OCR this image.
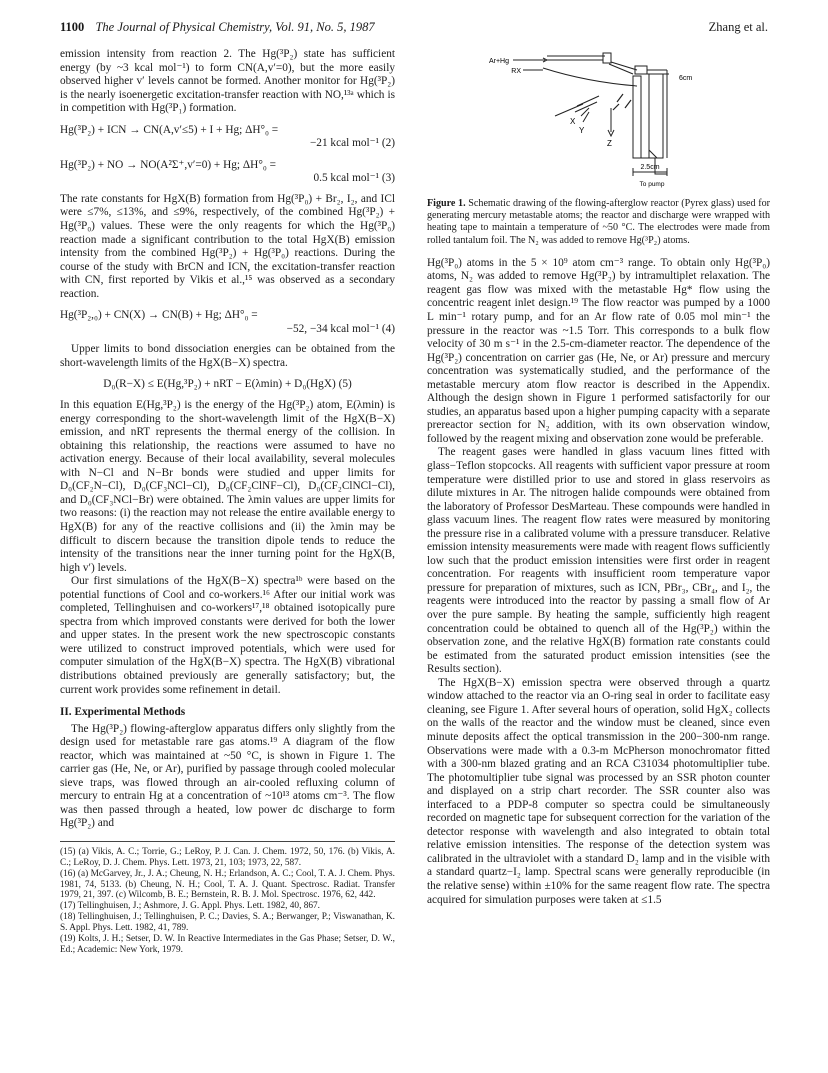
1100 The Journal of Physical Chemistry, Vol. 91, No. 5, 1987	Zhang et al.

emission intensity from reaction 2. The Hg(³P₂) state has sufficient energy (by ~3 kcal mol⁻¹) to form CN(A,v′=0), but the more easily observed higher v′ levels cannot be formed. Another monitor for Hg(³P₂) is the nearly isoenergetic excitation-transfer reaction with NO,¹³ᵃ which is in competition with Hg(³P₁) formation.

Hg(³P₂) + ICN → CN(A,v′≤5) + I + Hg; ΔH°₀ =
−21 kcal mol⁻¹ (2)
Hg(³P₂) + NO → NO(A²Σ⁺,v′=0) + Hg; ΔH°₀ =
0.5 kcal mol⁻¹ (3)

The rate constants for HgX(B) formation from Hg(³P₀) + Br₂, I₂, and ICl were ≤7%, ≤13%, and ≤9%, respectively, of the combined Hg(³P₂) + Hg(³P₀) values. These were the only reagents for which the Hg(³P₀) reaction made a significant contribution to the total HgX(B) emission intensity from the combined Hg(³P₂) + Hg(³P₀) reactions. During the course of the study with BrCN and ICN, the excitation-transfer reaction with CN, first reported by Vikis et al.,¹⁵ was observed as a secondary reaction.

Hg(³P₂,₀) + CN(X) → CN(B) + Hg; ΔH°₀ =
−52, −34 kcal mol⁻¹ (4)

Upper limits to bond dissociation energies can be obtained from the short-wavelength limits of the HgX(B−X) spectra.

D₀(R−X) ≤ E(Hg,³P₂) + nRT − E(λmin) + D₀(HgX) (5)

In this equation E(Hg,³P₂) is the energy of the Hg(³P₂) atom, E(λmin) is energy corresponding to the short-wavelength limit of the HgX(B−X) emission, and nRT represents the thermal energy of the collision. In obtaining this relationship, the reactions were assumed to have no activation energy. Because of their local availability, several molecules with N−Cl and N−Br bonds were studied and upper limits for D₀(CF₂N−Cl), D₀(CF₃NCl−Cl), D₀(CF₂ClNF−Cl), D₀(CF₂ClNCl−Cl), and D₀(CF₃NCl−Br) were obtained. The λmin values are upper limits for two reasons: (i) the reaction may not release the entire available energy to HgX(B) for any of the reactive collisions and (ii) the λmin may be difficult to discern because the transition dipole tends to reduce the intensity of the transitions near the inner turning point for the HgX(B, high v′) levels.

Our first simulations of the HgX(B−X) spectra¹ᵇ were based on the potential functions of Cool and co-workers.¹⁶ After our initial work was completed, Tellinghuisen and co-workers¹⁷,¹⁸ obtained isotopically pure spectra from which improved constants were derived for both the lower and upper states. In the present work the new spectroscopic constants were utilized to construct improved potentials, which were used for computer simulation of the HgX(B−X) spectra. The HgX(B) vibrational distributions obtained previously are generally satisfactory; but, the current work provides some refinement in detail.

II. Experimental Methods

The Hg(³P₂) flowing-afterglow apparatus differs only slightly from the design used for metastable rare gas atoms.¹⁹ A diagram of the flow reactor, which was maintained at ~50 °C, is shown in Figure 1. The carrier gas (He, Ne, or Ar), purified by passage through cooled molecular sieve traps, was flowed through an air-cooled refluxing column of mercury to entrain Hg at a concentration of ~10¹³ atoms cm⁻³. The flow was then passed through a heated, low power dc discharge to form Hg(³P₂) and

(15) (a) Vikis, A. C.; Torrie, G.; LeRoy, P. J. Can. J. Chem. 1972, 50, 176. (b) Vikis, A. C.; LeRoy, D. J. Chem. Phys. Lett. 1973, 21, 103; 1973, 22, 587.

(16) (a) McGarvey, Jr., J. A.; Cheung, N. H.; Erlandson, A. C.; Cool, T. A. J. Chem. Phys. 1981, 74, 5133. (b) Cheung, N. H.; Cool, T. A. J. Quant. Spectrosc. Radiat. Transfer 1979, 21, 397. (c) Wilcomb, B. E.; Bernstein, R. B. J. Mol. Spectrosc. 1976, 62, 442.

(17) Tellinghuisen, J.; Ashmore, J. G. Appl. Phys. Lett. 1982, 40, 867.

(18) Tellinghuisen, J.; Tellinghuisen, P. C.; Davies, S. A.; Berwanger, P.; Viswanathan, K. S. Appl. Phys. Lett. 1982, 41, 789.

(19) Kolts, J. H.; Setser, D. W. In Reactive Intermediates in the Gas Phase; Setser, D. W., Ed.; Academic: New York, 1979.

Ar+Hg
RX
6cm
X
Y
Z
2.5cm
To pump
Figure 1. Schematic drawing of the flowing-afterglow reactor (Pyrex glass) used for generating mercury metastable atoms; the reactor and discharge were wrapped with heating tape to maintain a temperature of ~50 °C. The electrodes were made from rolled tantalum foil. The N₂ was added to remove Hg(³P₂) atoms.

Hg(³P₀) atoms in the 5 × 10⁹ atom cm⁻³ range. To obtain only Hg(³P₀) atoms, N₂ was added to remove Hg(³P₂) by intramultiplet relaxation. The reagent gas flow was mixed with the metastable Hg* flow using the concentric reagent inlet design.¹⁹ The flow reactor was pumped by a 1000 L min⁻¹ rotary pump, and for an Ar flow rate of 0.05 mol min⁻¹ the pressure in the reactor was ~1.5 Torr. This corresponds to a bulk flow velocity of 30 m s⁻¹ in the 2.5-cm-diameter reactor. The dependence of the Hg(³P₂) concentration on carrier gas (He, Ne, or Ar) pressure and mercury concentration was systematically studied, and the performance of the metastable mercury atom flow reactor is described in the Appendix. Although the design shown in Figure 1 performed satisfactorily for our studies, an apparatus based upon a higher pumping capacity with a separate prereactor section for N₂ addition, with its own observation window, followed by the reagent mixing and observation zone would be preferable.

The reagent gases were handled in glass vacuum lines fitted with glass−Teflon stopcocks. All reagents with sufficient vapor pressure at room temperature were distilled prior to use and stored in glass reservoirs as dilute mixtures in Ar. The nitrogen halide compounds were obtained from the laboratory of Professor DesMarteau. These compounds were handled in glass vacuum lines. The reagent flow rates were measured by monitoring the pressure rise in a calibrated volume with a pressure transducer. Relative emission intensity measurements were made with reagent flows sufficiently low such that the product emission intensities were first order in reagent concentration. For reagents with insufficient room temperature vapor pressure for preparation of mixtures, such as ICN, PBr₃, CBr₄, and I₂, the reagents were introduced into the reactor by passing a small flow of Ar over the pure sample. By heating the sample, sufficiently high reagent concentration could be obtained to quench all of the Hg(³P₂) within the observation zone, and the relative HgX(B) formation rate constants could be estimated from the saturated product emission intensities (see the Results section).

The HgX(B−X) emission spectra were observed through a quartz window attached to the reactor via an O-ring seal in order to facilitate easy cleaning, see Figure 1. After several hours of operation, solid HgX₂ collects on the walls of the reactor and the window must be cleaned, since even minute deposits affect the optical transmission in the 200−300-nm range. Observations were made with a 0.3-m McPherson monochromator fitted with a 300-nm blazed grating and an RCA C31034 photomultiplier tube. The photomultiplier tube signal was processed by an SSR photon counter and displayed on a strip chart recorder. The SSR counter also was interfaced to a PDP-8 computer so spectra could be simultaneously recorded on magnetic tape for subsequent correction for the variation of the detector response with wavelength and also integrated to obtain total relative emission intensities. The response of the detection system was calibrated in the ultraviolet with a standard D₂ lamp and in the visible with a standard quartz−I₂ lamp. Spectral scans were generally reproducible (in the relative sense) within ±10% for the same reagent flow rate. The spectra acquired for simulation purposes were taken at ≤1.5
